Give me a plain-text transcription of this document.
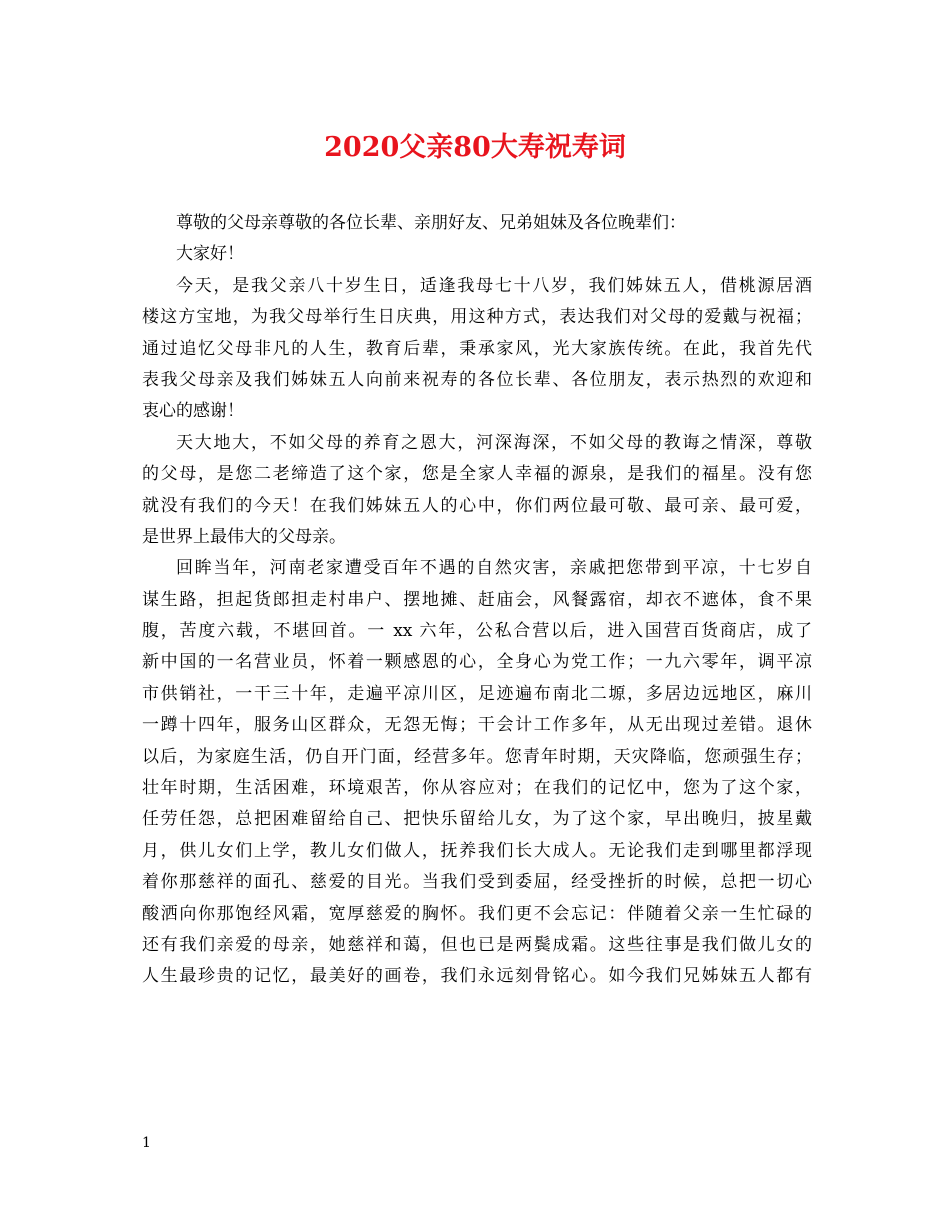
2020父亲80大寿祝寿词
尊敬的父母亲尊敬的各位长辈、亲朋好友、兄弟姐妹及各位晚辈们：
大家好！
今天，是我父亲八十岁生日，适逢我母七十八岁，我们姊妹五人，借桃源居酒
楼这方宝地，为我父母举行生日庆典，用这种方式，表达我们对父母的爱戴与祝福；
通过追忆父母非凡的人生，教育后辈，秉承家风，光大家族传统。在此，我首先代
表我父母亲及我们姊妹五人向前来祝寿的各位长辈、各位朋友，表示热烈的欢迎和
衷心的感谢！
天大地大，不如父母的养育之恩大，河深海深，不如父母的教诲之情深，尊敬
的父母，是您二老缔造了这个家，您是全家人幸福的源泉，是我们的福星。没有您
就没有我们的今天！在我们姊妹五人的心中，你们两位最可敬、最可亲、最可爱，
是世界上最伟大的父母亲。
回眸当年，河南老家遭受百年不遇的自然灾害，亲戚把您带到平凉，十七岁自
谋生路，担起货郎担走村串户、摆地摊、赶庙会，风餐露宿，却衣不遮体，食不果
腹，苦度六载，不堪回首。一 xx 六年，公私合营以后，进入国营百货商店，成了
新中国的一名营业员，怀着一颗感恩的心，全身心为党工作；一九六零年，调平凉
市供销社，一干三十年，走遍平凉川区，足迹遍布南北二塬，多居边远地区，麻川
一蹲十四年，服务山区群众，无怨无悔；干会计工作多年，从无出现过差错。退休
以后，为家庭生活，仍自开门面，经营多年。您青年时期，天灾降临，您顽强生存；
壮年时期，生活困难，环境艰苦，你从容应对；在我们的记忆中，您为了这个家，
任劳任怨，总把困难留给自己、把快乐留给儿女，为了这个家，早出晚归，披星戴
月，供儿女们上学，教儿女们做人，抚养我们长大成人。无论我们走到哪里都浮现
着你那慈祥的面孔、慈爱的目光。当我们受到委屈，经受挫折的时候，总把一切心
酸洒向你那饱经风霜，宽厚慈爱的胸怀。我们更不会忘记：伴随着父亲一生忙碌的
还有我们亲爱的母亲，她慈祥和蔼，但也已是两鬓成霜。这些往事是我们做儿女的
人生最珍贵的记忆，最美好的画卷，我们永远刻骨铭心。如今我们兄姊妹五人都有
1
